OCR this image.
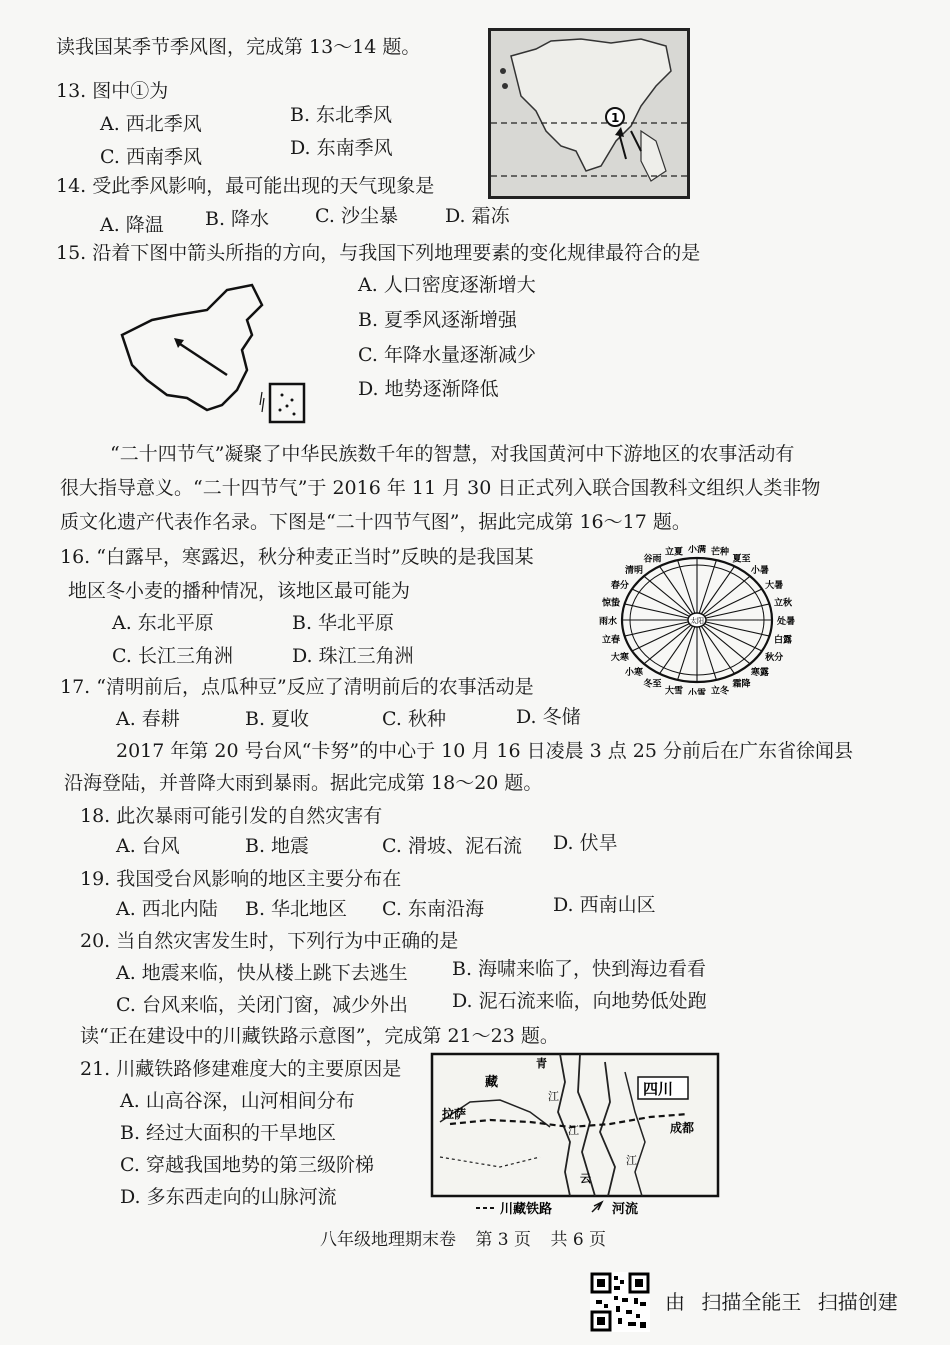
读我国某季节季风图，完成第 13～14 题。
13. 图中①为
A. 西北季风	B. 东北季风
C. 西南季风	D. 东南季风
14. 受此季风影响，最可能出现的天气现象是
A. 降温 B. 降水 C. 沙尘暴 D. 霜冻
1
15. 沿着下图中箭头所指的方向，与我国下列地理要素的变化规律最符合的是
A. 人口密度逐渐增大
B. 夏季风逐渐增强
C. 年降水量逐渐减少
D. 地势逐渐降低
“二十四节气”凝聚了中华民族数千年的智慧，对我国黄河中下游地区的农事活动有
很大指导意义。“二十四节气”于 2016 年 11 月 30 日正式列入联合国教科文组织人类非物
质文化遗产代表作名录。下图是“二十四节气图”，据此完成第 16～17 题。
16. “白露早，寒露迟，秋分种麦正当时”反映的是我国某
地区冬小麦的播种情况，该地区最可能为
A. 东北平原	B. 华北平原
C. 长江三角洲	D. 珠江三角洲
清明
谷雨
立夏 小满 芒种
夏至
小暑
大暑
立秋
处暑
白露
秋分
寒露
霜降
立冬
小雪
大雪
冬至
小寒
大寒
立春
雨水
惊蛰
春分
太阳
17. “清明前后，点瓜种豆”反应了清明前后的农事活动是
A. 春耕	B. 夏收	C. 秋种	D. 冬储
2017 年第 20 号台风“卡努”的中心于 10 月 16 日凌晨 3 点 25 分前后在广东省徐闻县
沿海登陆，并普降大雨到暴雨。据此完成第 18～20 题。
18. 此次暴雨可能引发的自然灾害有
A. 台风	B. 地震	C. 滑坡、泥石流 D. 伏旱
19. 我国受台风影响的地区主要分布在
A. 西北内陆 B. 华北地区 C. 东南沿海	D. 西南山区
20. 当自然灾害发生时，下列行为中正确的是
A. 地震来临，快从楼上跳下去逃生 B. 海啸来临了，快到海边看看
C. 台风来临，关闭门窗，减少外出 D. 泥石流来临，向地势低处跑
读“正在建设中的川藏铁路示意图”，完成第 21～23 题。
21. 川藏铁路修建难度大的主要原因是
A. 山高谷深，山河相间分布
B. 经过大面积的干旱地区
C. 穿越我国地势的第三级阶梯
D. 多东西走向的山脉河流
四川
拉萨
成都
藏
青
江
江
江
云
川藏铁路	河流
八年级地理期末卷 第 3 页 共 6 页
由 扫描全能王 扫描创建
